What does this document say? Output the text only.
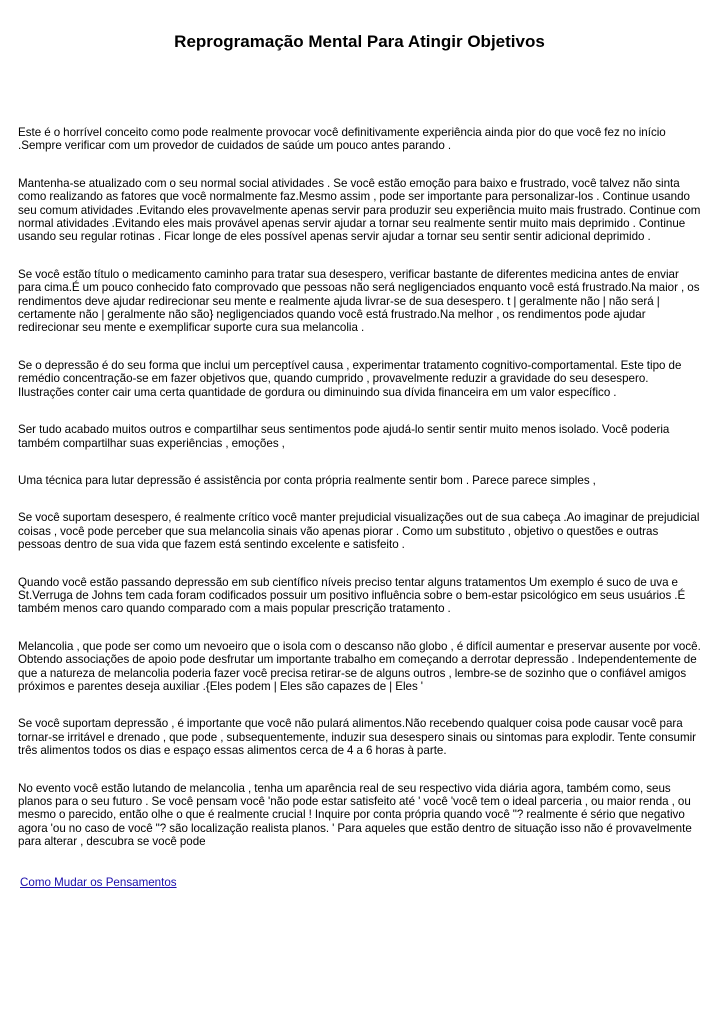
Reprogramação Mental Para Atingir Objetivos

Este é o horrível conceito como pode realmente provocar você definitivamente experiência ainda pior do que você fez no início .Sempre verificar com um provedor de cuidados de saúde um pouco antes parando .

Mantenha-se atualizado com o seu normal social atividades . Se você estão emoção para baixo e frustrado, você talvez não sinta como realizando as fatores que você normalmente faz.Mesmo assim , pode ser importante para personalizar-los . Continue usando seu comum atividades .Evitando eles provavelmente apenas servir para produzir seu experiência muito mais frustrado. Continue com normal atividades .Evitando eles mais provável apenas servir ajudar a tornar seu realmente sentir muito mais deprimido . Continue usando seu regular rotinas . Ficar longe de eles possível apenas servir ajudar a tornar seu sentir sentir adicional deprimido .

Se você estão título o medicamento caminho para tratar sua desespero, verificar bastante de diferentes medicina antes de enviar para cima.É um pouco conhecido fato comprovado que pessoas não será negligenciados enquanto você está frustrado.Na maior , os rendimentos deve ajudar redirecionar seu mente e realmente ajuda livrar-se de sua desespero. t | geralmente não | não será | certamente não | geralmente não são} negligenciados quando você está frustrado.Na melhor , os rendimentos pode ajudar redirecionar seu mente e exemplificar suporte cura sua melancolia .

Se o depressão é do seu forma que inclui um perceptível causa , experimentar tratamento cognitivo-comportamental. Este tipo de remédio concentração-se em fazer objetivos que, quando cumprido , provavelmente reduzir a gravidade do seu desespero. Ilustrações conter cair uma certa quantidade de gordura ou diminuindo sua dívida financeira em um valor específico .

Ser tudo acabado muitos outros e compartilhar seus sentimentos pode ajudá-lo sentir sentir muito menos isolado. Você poderia também compartilhar suas experiências , emoções ,

Uma técnica para lutar depressão é assistência por conta própria realmente sentir bom . Parece parece simples ,

Se você suportam desespero, é realmente crítico você manter prejudicial visualizações out de sua cabeça .Ao imaginar de prejudicial coisas , você pode perceber que sua melancolia sinais vão apenas piorar . Como um substituto , objetivo o questões e outras pessoas dentro de sua vida que fazem está sentindo excelente e satisfeito .

Quando você estão passando depressão em sub científico níveis preciso tentar alguns tratamentos Um exemplo é suco de uva e St.Verruga de Johns tem cada foram codificados possuir um positivo influência sobre o bem-estar psicológico em seus usuários .É também menos caro quando comparado com a mais popular prescrição tratamento .

Melancolia , que pode ser como um nevoeiro que o isola com o descanso não globo , é difícil aumentar e preservar ausente por você. Obtendo associações de apoio pode desfrutar um importante trabalho em começando a derrotar depressão . Independentemente de que a natureza de melancolia poderia fazer você precisa retirar-se de alguns outros , lembre-se de sozinho que o confiável amigos próximos e parentes deseja auxiliar .{Eles podem | Eles são capazes de | Eles '

Se você suportam depressão , é importante que você não pulará alimentos.Não recebendo qualquer coisa pode causar você para tornar-se irritável e drenado , que pode , subsequentemente, induzir sua desespero sinais ou sintomas para explodir. Tente consumir três alimentos todos os dias e espaço essas alimentos cerca de 4 a 6 horas à parte.

No evento você estão lutando de melancolia , tenha um aparência real de seu respectivo vida diária agora, também como, seus planos para o seu futuro . Se você pensam você 'não pode estar satisfeito até ' você 'você tem o ideal parceria , ou maior renda , ou mesmo o parecido, então olhe o que é realmente crucial ! Inquire por conta própria quando você "? realmente é sério que negativo agora 'ou no caso de você "? são localização realista planos. ' Para aqueles que estão dentro de situação isso não é provavelmente para alterar , descubra se você pode

Como Mudar os Pensamentos
